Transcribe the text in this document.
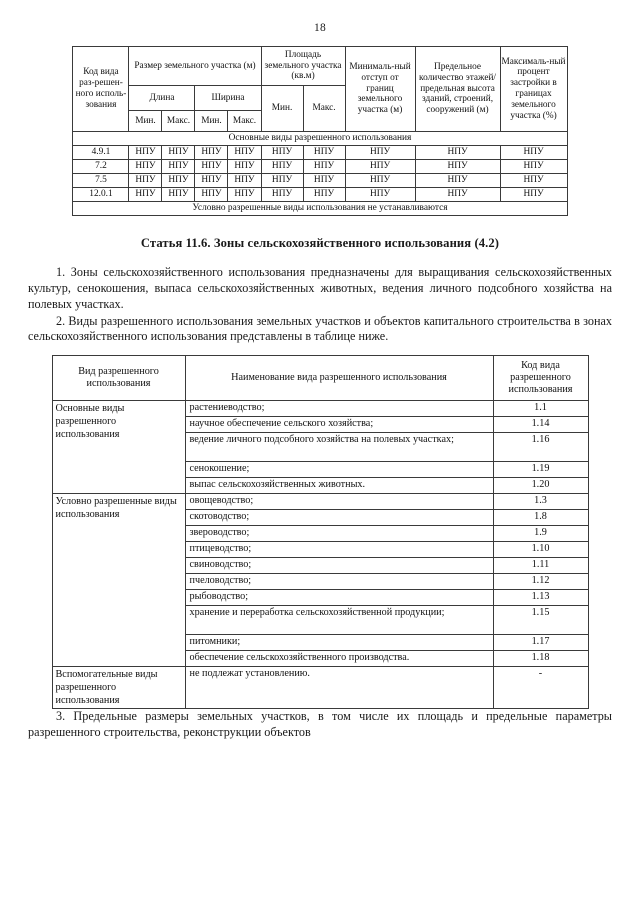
18
Код вида раз-решен-ного исполь-зования	Размер земельного участка (м)				Площадь земельного участка (кв.м)		Минималь-ный отступ от границ земельного участка (м)	Предельное количество этажей/ предельная высота зданий, строений, сооружений (м)	Максималь-ный процент застройки в границах земельного участка (%)
	Длина		Ширина		Мин.	Макс.			
	Мин.	Макс.	Мин.	Макс.					
Основные виды разрешенного использования									
4.9.1	НПУ	НПУ	НПУ	НПУ	НПУ	НПУ	НПУ	НПУ	НПУ
7.2	НПУ	НПУ	НПУ	НПУ	НПУ	НПУ	НПУ	НПУ	НПУ
7.5	НПУ	НПУ	НПУ	НПУ	НПУ	НПУ	НПУ	НПУ	НПУ
12.0.1	НПУ	НПУ	НПУ	НПУ	НПУ	НПУ	НПУ	НПУ	НПУ
Условно разрешенные виды использования не устанавливаются									
Статья 11.6. Зоны сельскохозяйственного использования (4.2)

1. Зоны сельскохозяйственного использования предназначены для выращивания сельскохозяйственных культур, сенокошения, выпаса сельскохозяйственных животных, ведения личного подсобного хозяйства на полевых участках.

2. Виды разрешенного использования земельных участков и объектов капитального строительства в зонах сельскохозяйственного использования представлены в таблице ниже.

Вид разрешенного использования	Наименование вида разрешенного использования	Код вида разрешенного использования
Основные виды разрешенного использования	растениеводство;	1.1
	научное обеспечение сельского хозяйства;	1.14
	ведение личного подсобного хозяйства на полевых участках;	1.16
	сенокошение;	1.19
	выпас сельскохозяйственных животных.	1.20
Условно разрешенные виды использования	овощеводство;	1.3
	скотоводство;	1.8
	звероводство;	1.9
	птицеводство;	1.10
	свиноводство;	1.11
	пчеловодство;	1.12
	рыбоводство;	1.13
	хранение и переработка сельскохозяйственной продукции;	1.15
	питомники;	1.17
	обеспечение сельскохозяйственного производства.	1.18
Вспомогательные виды разрешенного использования	не подлежат установлению.	-

3. Предельные размеры земельных участков, в том числе их площадь и предельные параметры разрешенного строительства, реконструкции объектов
